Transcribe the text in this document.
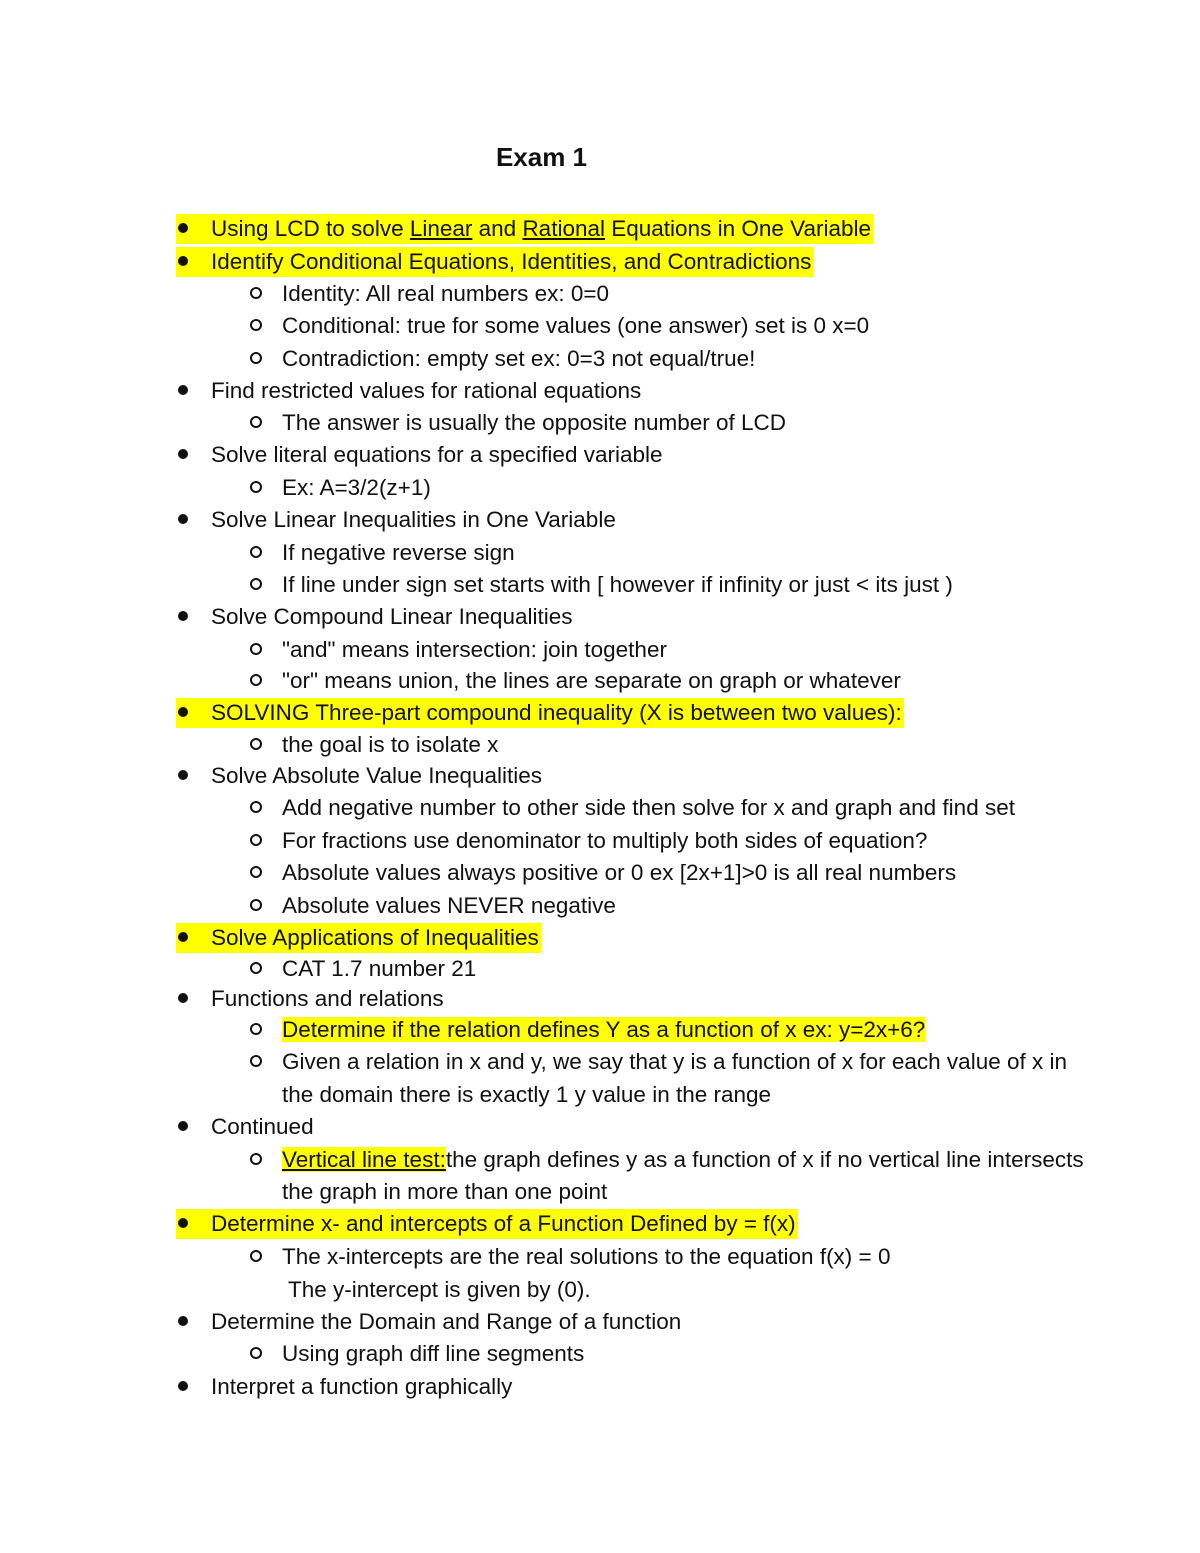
Exam 1
Using LCD to solve Linear and Rational Equations in One Variable
Identify Conditional Equations, Identities, and Contradictions
Identity: All real numbers ex: 0=0
Conditional: true for some values (one answer) set is 0 x=0
Contradiction: empty set ex: 0=3 not equal/true!
Find restricted values for rational equations
The answer is usually the opposite number of LCD
Solve literal equations for a specified variable
Ex: A=3/2(z+1)
Solve Linear Inequalities in One Variable
If negative reverse sign
If line under sign set starts with [ however if infinity or just < its just )
Solve Compound Linear Inequalities
"and" means intersection: join together
"or" means union, the lines are separate on graph or whatever
SOLVING Three-part compound inequality (X is between two values):
the goal is to isolate x
Solve Absolute Value Inequalities
Add negative number to other side then solve for x and graph and find set
For fractions use denominator to multiply both sides of equation?
Absolute values always positive or 0 ex [2x+1]>0 is all real numbers
Absolute values NEVER negative
Solve Applications of Inequalities
CAT 1.7 number 21
Functions and relations
Determine if the relation defines Y as a function of x ex: y=2x+6?
Given a relation in x and y, we say that y is a function of x for each value of x in
the domain there is exactly 1 y value in the range
Continued
Vertical line test:the graph defines y as a function of x if no vertical line intersects
the graph in more than one point
Determine x- and intercepts of a Function Defined by = f(x)
The x-intercepts are the real solutions to the equation f(x) = 0
The y-intercept is given by (0).
Determine the Domain and Range of a function
Using graph diff line segments
Interpret a function graphically
